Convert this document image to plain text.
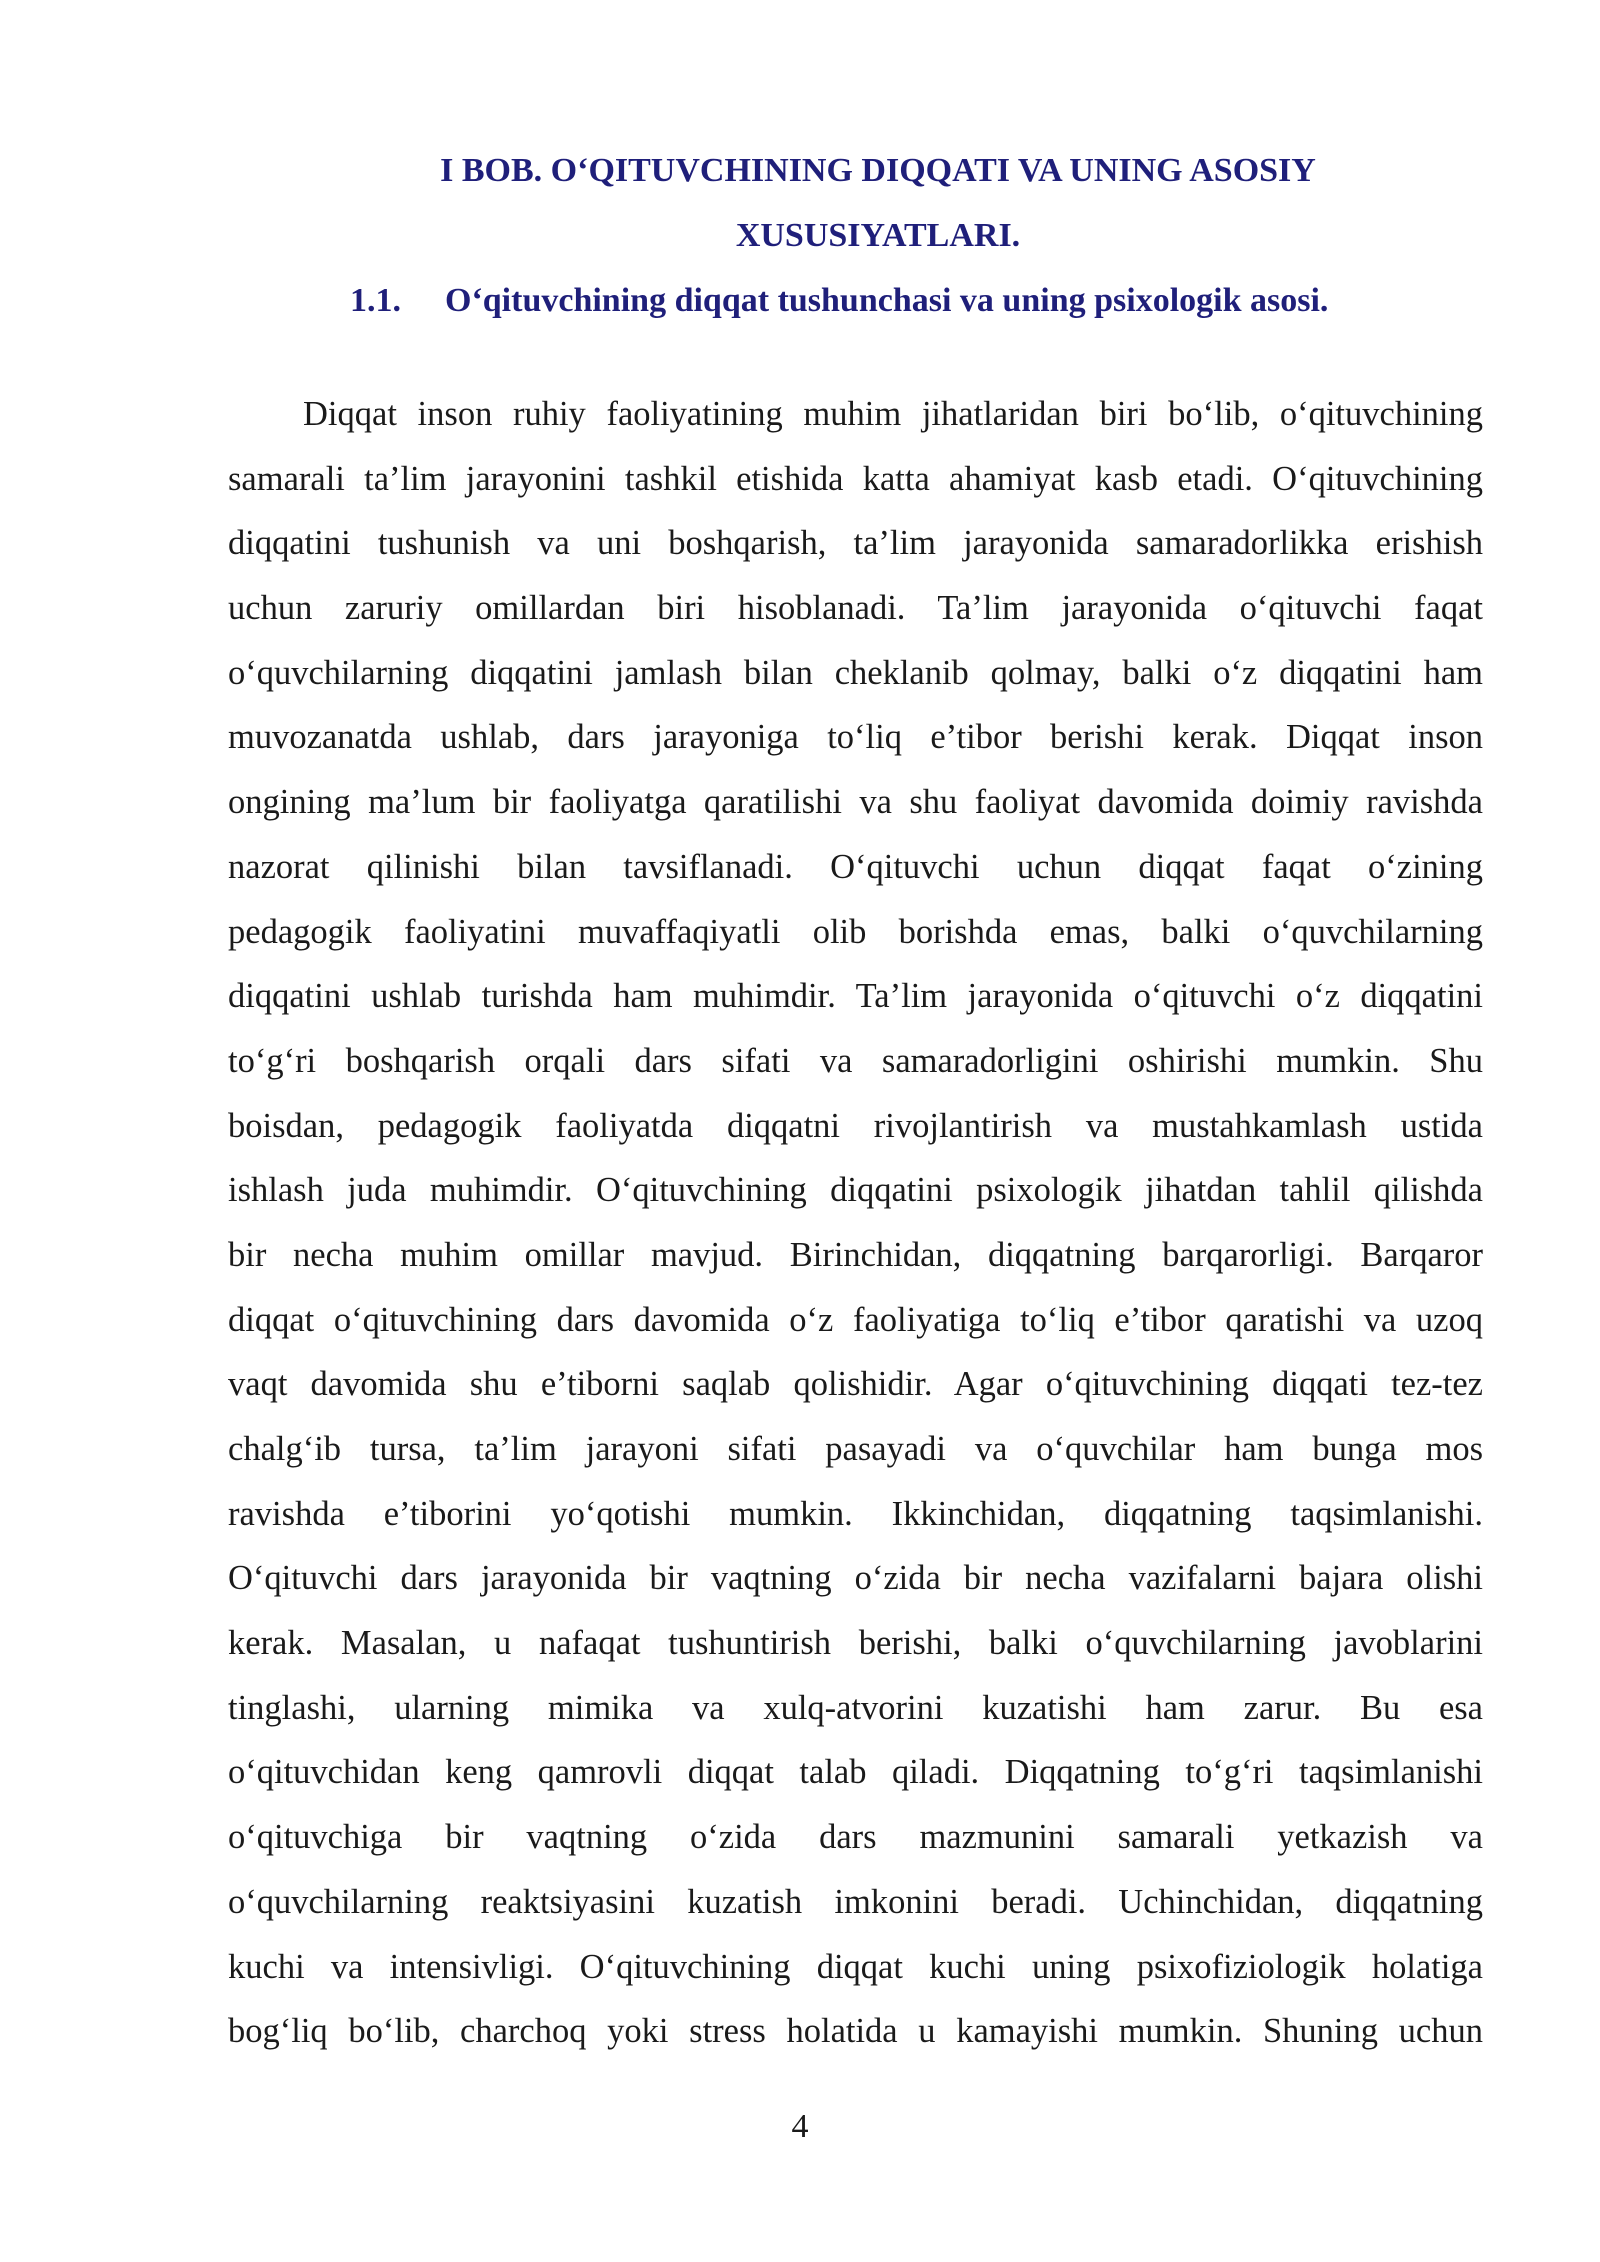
I BOB. O‘QITUVCHINING DIQQATI VA UNING ASOSIY
XUSUSIYATLARI.
1.1. O‘qituvchining diqqat tushunchasi va uning psixologik asosi.
Diqqat inson ruhiy faoliyatining muhim jihatlaridan biri bo‘lib, o‘qituvchining
samarali ta’lim jarayonini tashkil etishida katta ahamiyat kasb etadi. O‘qituvchining
diqqatini tushunish va uni boshqarish, ta’lim jarayonida samaradorlikka erishish
uchun zaruriy omillardan biri hisoblanadi. Ta’lim jarayonida o‘qituvchi faqat
o‘quvchilarning diqqatini jamlash bilan cheklanib qolmay, balki o‘z diqqatini ham
muvozanatda ushlab, dars jarayoniga to‘liq e’tibor berishi kerak. Diqqat inson
ongining ma’lum bir faoliyatga qaratilishi va shu faoliyat davomida doimiy ravishda
nazorat qilinishi bilan tavsiflanadi. O‘qituvchi uchun diqqat faqat o‘zining
pedagogik faoliyatini muvaffaqiyatli olib borishda emas, balki o‘quvchilarning
diqqatini ushlab turishda ham muhimdir. Ta’lim jarayonida o‘qituvchi o‘z diqqatini
to‘g‘ri boshqarish orqali dars sifati va samaradorligini oshirishi mumkin. Shu
boisdan, pedagogik faoliyatda diqqatni rivojlantirish va mustahkamlash ustida
ishlash juda muhimdir. O‘qituvchining diqqatini psixologik jihatdan tahlil qilishda
bir necha muhim omillar mavjud. Birinchidan, diqqatning barqarorligi. Barqaror
diqqat o‘qituvchining dars davomida o‘z faoliyatiga to‘liq e’tibor qaratishi va uzoq
vaqt davomida shu e’tiborni saqlab qolishidir. Agar o‘qituvchining diqqati tez-tez
chalg‘ib tursa, ta’lim jarayoni sifati pasayadi va o‘quvchilar ham bunga mos
ravishda e’tiborini yo‘qotishi mumkin. Ikkinchidan, diqqatning taqsimlanishi.
O‘qituvchi dars jarayonida bir vaqtning o‘zida bir necha vazifalarni bajara olishi
kerak. Masalan, u nafaqat tushuntirish berishi, balki o‘quvchilarning javoblarini
tinglashi, ularning mimika va xulq-atvorini kuzatishi ham zarur. Bu esa
o‘qituvchidan keng qamrovli diqqat talab qiladi. Diqqatning to‘g‘ri taqsimlanishi
o‘qituvchiga bir vaqtning o‘zida dars mazmunini samarali yetkazish va
o‘quvchilarning reaktsiyasini kuzatish imkonini beradi. Uchinchidan, diqqatning
kuchi va intensivligi. O‘qituvchining diqqat kuchi uning psixofiziologik holatiga
bog‘liq bo‘lib, charchoq yoki stress holatida u kamayishi mumkin. Shuning uchun
4
